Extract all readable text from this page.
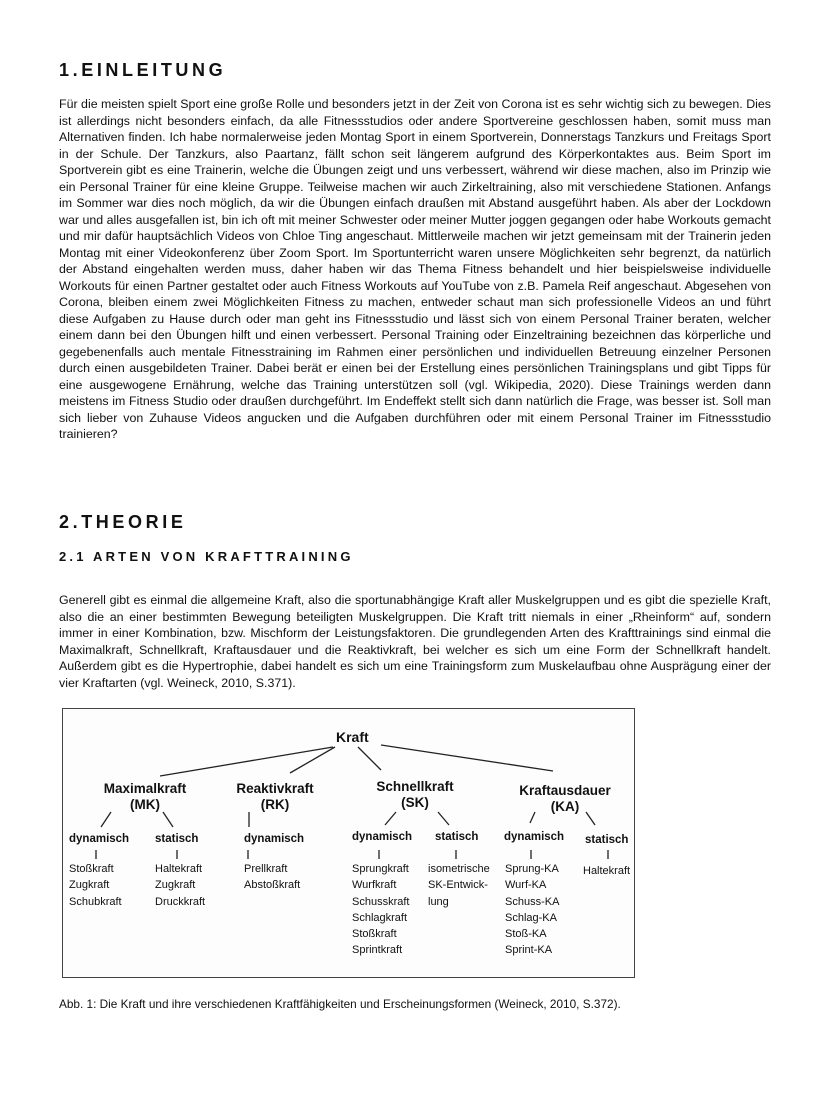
1.EINLEITUNG

Für die meisten spielt Sport eine große Rolle und besonders jetzt in der Zeit von Corona ist es sehr wichtig sich zu bewegen. Dies ist allerdings nicht besonders einfach, da alle Fitnessstudios oder andere Sportvereine geschlossen haben, somit muss man Alternativen finden. Ich habe normalerweise jeden Montag Sport in einem Sportverein, Donnerstags Tanzkurs und Freitags Sport in der Schule. Der Tanzkurs, also Paartanz, fällt schon seit längerem aufgrund des Körperkontaktes aus. Beim Sport im Sportverein gibt es eine Trainerin, welche die Übungen zeigt und uns verbessert, während wir diese machen, also im Prinzip wie ein Personal Trainer für eine kleine Gruppe. Teilweise machen wir auch Zirkeltraining, also mit verschiedene Stationen. Anfangs im Sommer war dies noch möglich, da wir die Übungen einfach draußen mit Abstand ausgeführt haben. Als aber der Lockdown war und alles ausgefallen ist, bin ich oft mit meiner Schwester oder meiner Mutter joggen gegangen oder habe Workouts gemacht und mir dafür hauptsächlich Videos von Chloe Ting angeschaut. Mittlerweile machen wir jetzt gemeinsam mit der Trainerin jeden Montag mit einer Videokonferenz über Zoom Sport. Im Sportunterricht waren unsere Möglichkeiten sehr begrenzt, da natürlich der Abstand eingehalten werden muss, daher haben wir das Thema Fitness behandelt und hier beispielsweise individuelle Workouts für einen Partner gestaltet oder auch Fitness Workouts auf YouTube von z.B. Pamela Reif angeschaut. Abgesehen von Corona, bleiben einem zwei Möglichkeiten Fitness zu machen, entweder schaut man sich professionelle Videos an und führt diese Aufgaben zu Hause durch oder man geht ins Fitnessstudio und lässt sich von einem Personal Trainer beraten, welcher einem dann bei den Übungen hilft und einen verbessert. Personal Training oder Einzeltraining bezeichnen das körperliche und gegebenenfalls auch mentale Fitnesstraining im Rahmen einer persönlichen und individuellen Betreuung einzelner Personen durch einen ausgebildeten Trainer. Dabei berät er einen bei der Erstellung eines persönlichen Trainingsplans und gibt Tipps für eine ausgewogene Ernährung, welche das Training unterstützen soll (vgl. Wikipedia, 2020). Diese Trainings werden dann meistens im Fitness Studio oder draußen durchgeführt. Im Endeffekt stellt sich dann natürlich die Frage, was besser ist. Soll man sich lieber von Zuhause Videos angucken und die Aufgaben durchführen oder mit einem Personal Trainer im Fitnessstudio trainieren?

2.THEORIE
2.1 ARTEN VON KRAFTTRAINING

Generell gibt es einmal die allgemeine Kraft, also die sportunabhängige Kraft aller Muskelgruppen und es gibt die spezielle Kraft, also die an einer bestimmten Bewegung beteiligten Muskelgruppen. Die Kraft tritt niemals in einer „Rheinform“ auf, sondern immer in einer Kombination, bzw. Mischform der Leistungsfaktoren. Die grundlegenden Arten des Krafttrainings sind einmal die Maximalkraft, Schnellkraft, Kraftausdauer und die Reaktivkraft, bei welcher es sich um eine Form der Schnellkraft handelt. Außerdem gibt es die Hypertrophie, dabei handelt es sich um eine Trainingsform zum Muskelaufbau ohne Ausprägung einer der vier Kraftarten (vgl. Weineck, 2010, S.371).

Kraft
Maximalkraft
(MK)
dynamisch statisch
Stoßkraft
Zugkraft
Schubkraft
Haltekraft
Zugkraft
Druckkraft
Reaktivkraft
(RK)
dynamisch
Prellkraft
Abstoßkraft
Schnellkraft
(SK)
dynamisch statisch
Sprungkraft
Wurfkraft
Schusskraft
Schlagkraft
Stoßkraft
Sprintkraft
isometrische
SK-Entwick-
lung
Kraftausdauer
(KA)
dynamisch statisch
Sprung-KA
Wurf-KA
Schuss-KA
Schlag-KA
Stoß-KA
Sprint-KA
Haltekraft

Abb. 1: Die Kraft und ihre verschiedenen Kraftfähigkeiten und Erscheinungsformen (Weineck, 2010, S.372).
